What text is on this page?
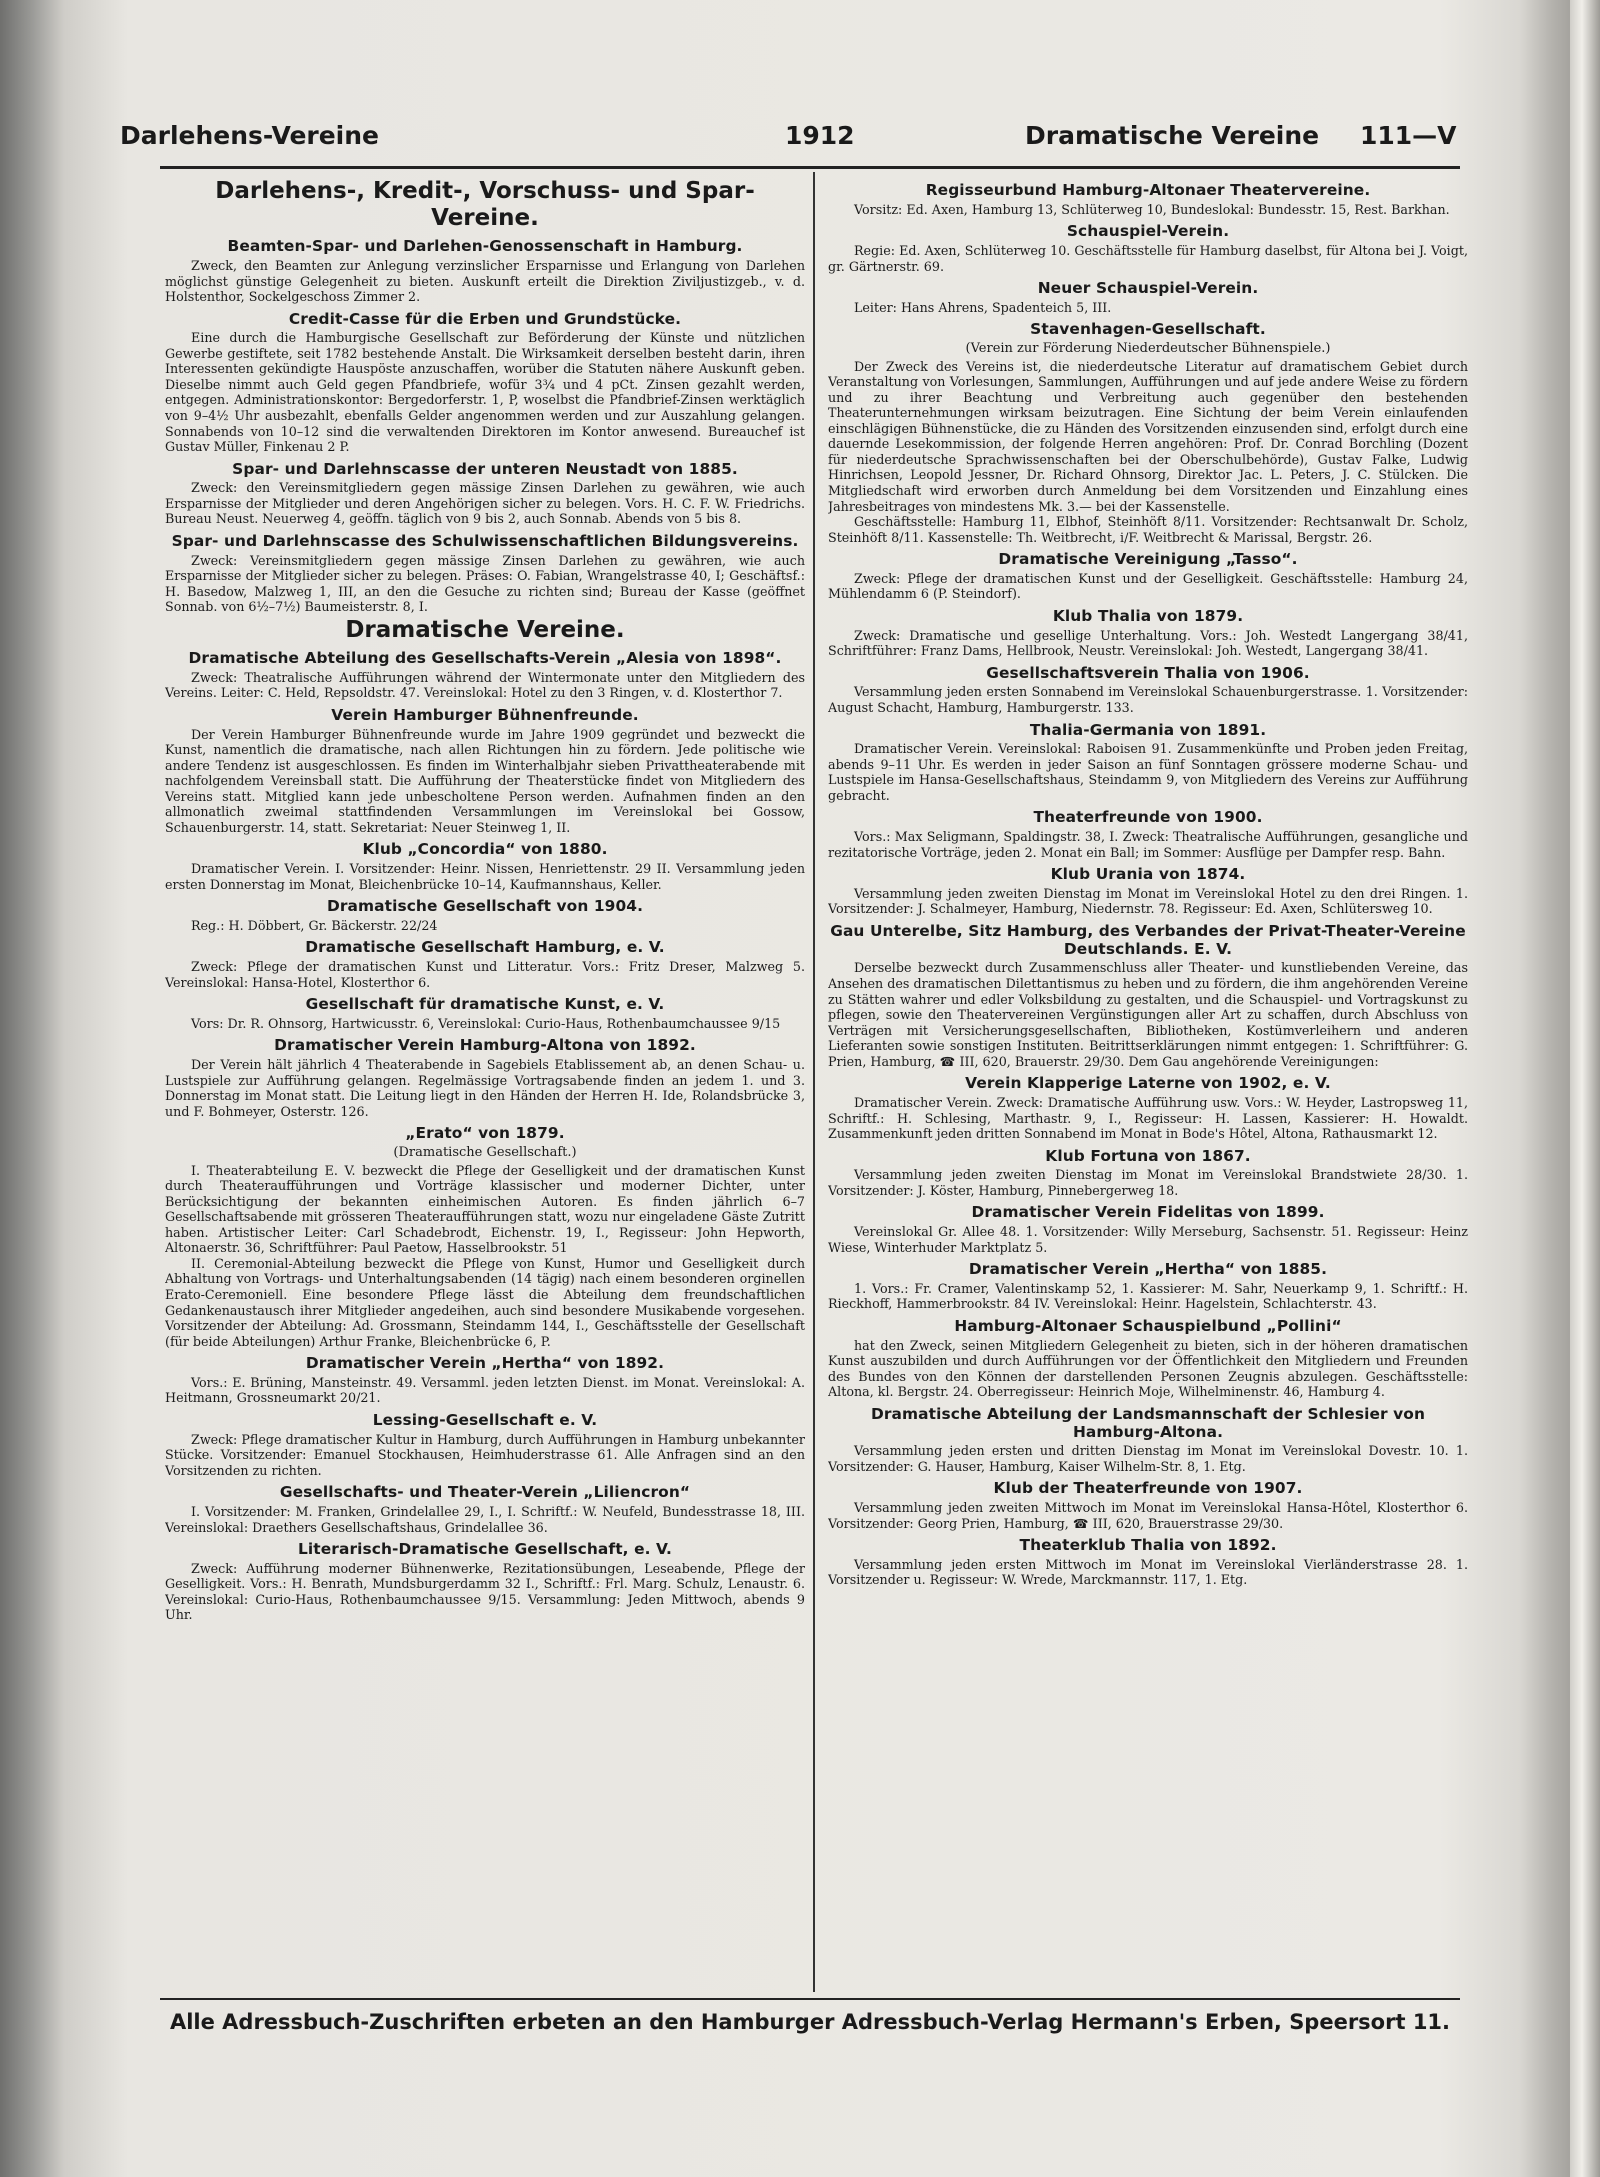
Darlehens-Vereine	1912	Dramatische Vereine 111—V
Darlehens-, Kredit-, Vorschuss- und Spar-Vereine.
Beamten-Spar- und Darlehen-Genossenschaft in Hamburg.

Zweck, den Beamten zur Anlegung verzinslicher Ersparnisse und Erlangung von Darlehen möglichst günstige Gelegenheit zu bieten. Auskunft erteilt die Direktion Ziviljustizgeb., v. d. Holstenthor, Sockelgeschoss Zimmer 2.

Credit-Casse für die Erben und Grundstücke.

Eine durch die Hamburgische Gesellschaft zur Beförderung der Künste und nützlichen Gewerbe gestiftete, seit 1782 bestehende Anstalt. Die Wirksamkeit derselben besteht darin, ihren Interessenten gekündigte Hauspöste anzuschaffen, worüber die Statuten nähere Auskunft geben. Dieselbe nimmt auch Geld gegen Pfandbriefe, wofür 3¾ und 4 pCt. Zinsen gezahlt werden, entgegen. Administrationskontor: Bergedorferstr. 1, P, woselbst die Pfandbrief-Zinsen werktäglich von 9–4½ Uhr ausbezahlt, ebenfalls Gelder angenommen werden und zur Auszahlung gelangen. Sonnabends von 10–12 sind die verwaltenden Direktoren im Kontor anwesend. Bureauchef ist Gustav Müller, Finkenau 2 P.

Spar- und Darlehnscasse der unteren Neustadt von 1885.

Zweck: den Vereinsmitgliedern gegen mässige Zinsen Darlehen zu gewähren, wie auch Ersparnisse der Mitglieder und deren Angehörigen sicher zu belegen. Vors. H. C. F. W. Friedrichs. Bureau Neust. Neuerweg 4, geöffn. täglich von 9 bis 2, auch Sonnab. Abends von 5 bis 8.

Spar- und Darlehnscasse des Schulwissenschaftlichen Bildungsvereins.

Zweck: Vereinsmitgliedern gegen mässige Zinsen Darlehen zu gewähren, wie auch Ersparnisse der Mitglieder sicher zu belegen. Präses: O. Fabian, Wrangelstrasse 40, I; Geschäftsf.: H. Basedow, Malzweg 1, III, an den die Gesuche zu richten sind; Bureau der Kasse (geöffnet Sonnab. von 6½–7½) Baumeisterstr. 8, I.

Dramatische Vereine.
Dramatische Abteilung des Gesellschafts-Verein „Alesia von 1898“.

Zweck: Theatralische Aufführungen während der Wintermonate unter den Mitgliedern des Vereins. Leiter: C. Held, Repsoldstr. 47. Vereinslokal: Hotel zu den 3 Ringen, v. d. Klosterthor 7.

Verein Hamburger Bühnenfreunde.

Der Verein Hamburger Bühnenfreunde wurde im Jahre 1909 gegründet und bezweckt die Kunst, namentlich die dramatische, nach allen Richtungen hin zu fördern. Jede politische wie andere Tendenz ist ausgeschlossen. Es finden im Winterhalbjahr sieben Privattheaterabende mit nachfolgendem Vereinsball statt. Die Aufführung der Theaterstücke findet von Mitgliedern des Vereins statt. Mitglied kann jede unbescholtene Person werden. Aufnahmen finden an den allmonatlich zweimal stattfindenden Versammlungen im Vereinslokal bei Gossow, Schauenburgerstr. 14, statt. Sekretariat: Neuer Steinweg 1, II.

Klub „Concordia“ von 1880.

Dramatischer Verein. I. Vorsitzender: Heinr. Nissen, Henriettenstr. 29 II. Versammlung jeden ersten Donnerstag im Monat, Bleichenbrücke 10–14, Kaufmannshaus, Keller.

Dramatische Gesellschaft von 1904.

Reg.: H. Döbbert, Gr. Bäckerstr. 22/24

Dramatische Gesellschaft Hamburg, e. V.

Zweck: Pflege der dramatischen Kunst und Litteratur. Vors.: Fritz Dreser, Malzweg 5. Vereinslokal: Hansa-Hotel, Klosterthor 6.

Gesellschaft für dramatische Kunst, e. V.

Vors: Dr. R. Ohnsorg, Hartwicusstr. 6, Vereinslokal: Curio-Haus, Rothenbaumchaussee 9/15

Dramatischer Verein Hamburg-Altona von 1892.

Der Verein hält jährlich 4 Theaterabende in Sagebiels Etablissement ab, an denen Schau- u. Lustspiele zur Aufführung gelangen. Regelmässige Vortragsabende finden an jedem 1. und 3. Donnerstag im Monat statt. Die Leitung liegt in den Händen der Herren H. Ide, Rolandsbrücke 3, und F. Bohmeyer, Osterstr. 126.

„Erato“ von 1879.
(Dramatische Gesellschaft.)

I. Theaterabteilung E. V. bezweckt die Pflege der Geselligkeit und der dramatischen Kunst durch Theateraufführungen und Vorträge klassischer und moderner Dichter, unter Berücksichtigung der bekannten einheimischen Autoren. Es finden jährlich 6–7 Gesellschaftsabende mit grösseren Theateraufführungen statt, wozu nur eingeladene Gäste Zutritt haben. Artistischer Leiter: Carl Schadebrodt, Eichenstr. 19, I., Regisseur: John Hepworth, Altonaerstr. 36, Schriftführer: Paul Paetow, Hasselbrookstr. 51

II. Ceremonial-Abteilung bezweckt die Pflege von Kunst, Humor und Geselligkeit durch Abhaltung von Vortrags- und Unterhaltungsabenden (14 tägig) nach einem besonderen orginellen Erato-Ceremoniell. Eine besondere Pflege lässt die Abteilung dem freundschaftlichen Gedankenaustausch ihrer Mitglieder angedeihen, auch sind besondere Musikabende vorgesehen. Vorsitzender der Abteilung: Ad. Grossmann, Steindamm 144, I., Geschäftsstelle der Gesellschaft (für beide Abteilungen) Arthur Franke, Bleichenbrücke 6, P.

Dramatischer Verein „Hertha“ von 1892.

Vors.: E. Brüning, Mansteinstr. 49. Versamml. jeden letzten Dienst. im Monat. Vereinslokal: A. Heitmann, Grossneumarkt 20/21.

Lessing-Gesellschaft e. V.

Zweck: Pflege dramatischer Kultur in Hamburg, durch Aufführungen in Hamburg unbekannter Stücke. Vorsitzender: Emanuel Stockhausen, Heimhuderstrasse 61. Alle Anfragen sind an den Vorsitzenden zu richten.

Gesellschafts- und Theater-Verein „Liliencron“

I. Vorsitzender: M. Franken, Grindelallee 29, I., I. Schriftf.: W. Neufeld, Bundesstrasse 18, III. Vereinslokal: Draethers Gesellschaftshaus, Grindelallee 36.

Literarisch-Dramatische Gesellschaft, e. V.

Zweck: Aufführung moderner Bühnenwerke, Rezitationsübungen, Leseabende, Pflege der Geselligkeit. Vors.: H. Benrath, Mundsburgerdamm 32 I., Schriftf.: Frl. Marg. Schulz, Lenaustr. 6. Vereinslokal: Curio-Haus, Rothenbaumchaussee 9/15. Versammlung: Jeden Mittwoch, abends 9 Uhr.

Regisseurbund Hamburg-Altonaer Theatervereine.

Vorsitz: Ed. Axen, Hamburg 13, Schlüterweg 10, Bundeslokal: Bundesstr. 15, Rest. Barkhan.

Schauspiel-Verein.

Regie: Ed. Axen, Schlüterweg 10. Geschäftsstelle für Hamburg daselbst, für Altona bei J. Voigt, gr. Gärtnerstr. 69.

Neuer Schauspiel-Verein.

Leiter: Hans Ahrens, Spadenteich 5, III.

Stavenhagen-Gesellschaft.
(Verein zur Förderung Niederdeutscher Bühnenspiele.)

Der Zweck des Vereins ist, die niederdeutsche Literatur auf dramatischem Gebiet durch Veranstaltung von Vorlesungen, Sammlungen, Aufführungen und auf jede andere Weise zu fördern und zu ihrer Beachtung und Verbreitung auch gegenüber den bestehenden Theaterunternehmungen wirksam beizutragen. Eine Sichtung der beim Verein einlaufenden einschlägigen Bühnenstücke, die zu Händen des Vorsitzenden einzusenden sind, erfolgt durch eine dauernde Lesekommission, der folgende Herren angehören: Prof. Dr. Conrad Borchling (Dozent für niederdeutsche Sprachwissenschaften bei der Oberschulbehörde), Gustav Falke, Ludwig Hinrichsen, Leopold Jessner, Dr. Richard Ohnsorg, Direktor Jac. L. Peters, J. C. Stülcken. Die Mitgliedschaft wird erworben durch Anmeldung bei dem Vorsitzenden und Einzahlung eines Jahresbeitrages von mindestens Mk. 3.— bei der Kassenstelle.

Geschäftsstelle: Hamburg 11, Elbhof, Steinhöft 8/11. Vorsitzender: Rechtsanwalt Dr. Scholz, Steinhöft 8/11. Kassenstelle: Th. Weitbrecht, i/F. Weitbrecht & Marissal, Bergstr. 26.

Dramatische Vereinigung „Tasso“.

Zweck: Pflege der dramatischen Kunst und der Geselligkeit. Geschäftsstelle: Hamburg 24, Mühlendamm 6 (P. Steindorf).

Klub Thalia von 1879.

Zweck: Dramatische und gesellige Unterhaltung. Vors.: Joh. Westedt Langergang 38/41, Schriftführer: Franz Dams, Hellbrook, Neustr. Vereinslokal: Joh. Westedt, Langergang 38/41.

Gesellschaftsverein Thalia von 1906.

Versammlung jeden ersten Sonnabend im Vereinslokal Schauenburgerstrasse. 1. Vorsitzender: August Schacht, Hamburg, Hamburgerstr. 133.

Thalia-Germania von 1891.

Dramatischer Verein. Vereinslokal: Raboisen 91. Zusammenkünfte und Proben jeden Freitag, abends 9–11 Uhr. Es werden in jeder Saison an fünf Sonntagen grössere moderne Schau- und Lustspiele im Hansa-Gesellschaftshaus, Steindamm 9, von Mitgliedern des Vereins zur Aufführung gebracht.

Theaterfreunde von 1900.

Vors.: Max Seligmann, Spaldingstr. 38, I. Zweck: Theatralische Aufführungen, gesangliche und rezitatorische Vorträge, jeden 2. Monat ein Ball; im Sommer: Ausflüge per Dampfer resp. Bahn.

Klub Urania von 1874.

Versammlung jeden zweiten Dienstag im Monat im Vereinslokal Hotel zu den drei Ringen. 1. Vorsitzender: J. Schalmeyer, Hamburg, Niedernstr. 78. Regisseur: Ed. Axen, Schlütersweg 10.

Gau Unterelbe, Sitz Hamburg, des Verbandes der Privat-Theater-Vereine Deutschlands. E. V.

Derselbe bezweckt durch Zusammenschluss aller Theater- und kunstliebenden Vereine, das Ansehen des dramatischen Dilettantismus zu heben und zu fördern, die ihm angehörenden Vereine zu Stätten wahrer und edler Volksbildung zu gestalten, und die Schauspiel- und Vortragskunst zu pflegen, sowie den Theatervereinen Vergünstigungen aller Art zu schaffen, durch Abschluss von Verträgen mit Versicherungsgesellschaften, Bibliotheken, Kostümverleihern und anderen Lieferanten sowie sonstigen Instituten. Beitrittserklärungen nimmt entgegen: 1. Schriftführer: G. Prien, Hamburg, ☎ III, 620, Brauerstr. 29/30. Dem Gau angehörende Vereinigungen:

Verein Klapperige Laterne von 1902, e. V.

Dramatischer Verein. Zweck: Dramatische Aufführung usw. Vors.: W. Heyder, Lastropsweg 11, Schriftf.: H. Schlesing, Marthastr. 9, I., Regisseur: H. Lassen, Kassierer: H. Howaldt. Zusammenkunft jeden dritten Sonnabend im Monat in Bode's Hôtel, Altona, Rathausmarkt 12.

Klub Fortuna von 1867.

Versammlung jeden zweiten Dienstag im Monat im Vereinslokal Brandstwiete 28/30. 1. Vorsitzender: J. Köster, Hamburg, Pinnebergerweg 18.

Dramatischer Verein Fidelitas von 1899.

Vereinslokal Gr. Allee 48. 1. Vorsitzender: Willy Merseburg, Sachsenstr. 51. Regisseur: Heinz Wiese, Winterhuder Marktplatz 5.

Dramatischer Verein „Hertha“ von 1885.

1. Vors.: Fr. Cramer, Valentinskamp 52, 1. Kassierer: M. Sahr, Neuerkamp 9, 1. Schriftf.: H. Rieckhoff, Hammerbrookstr. 84 IV. Vereinslokal: Heinr. Hagelstein, Schlachterstr. 43.

Hamburg-Altonaer Schauspielbund „Pollini“

hat den Zweck, seinen Mitgliedern Gelegenheit zu bieten, sich in der höheren dramatischen Kunst auszubilden und durch Aufführungen vor der Öffentlichkeit den Mitgliedern und Freunden des Bundes von den Können der darstellenden Personen Zeugnis abzulegen. Geschäftsstelle: Altona, kl. Bergstr. 24. Oberregisseur: Heinrich Moje, Wilhelminenstr. 46, Hamburg 4.

Dramatische Abteilung der Landsmannschaft der Schlesier von Hamburg-Altona.

Versammlung jeden ersten und dritten Dienstag im Monat im Vereinslokal Dovestr. 10. 1. Vorsitzender: G. Hauser, Hamburg, Kaiser Wilhelm-Str. 8, 1. Etg.

Klub der Theaterfreunde von 1907.

Versammlung jeden zweiten Mittwoch im Monat im Vereinslokal Hansa-Hôtel, Klosterthor 6. Vorsitzender: Georg Prien, Hamburg, ☎ III, 620, Brauerstrasse 29/30.

Theaterklub Thalia von 1892.

Versammlung jeden ersten Mittwoch im Monat im Vereinslokal Vierländerstrasse 28. 1. Vorsitzender u. Regisseur: W. Wrede, Marckmannstr. 117, 1. Etg.

Alle Adressbuch-Zuschriften erbeten an den Hamburger Adressbuch-Verlag Hermann's Erben, Speersort 11.
